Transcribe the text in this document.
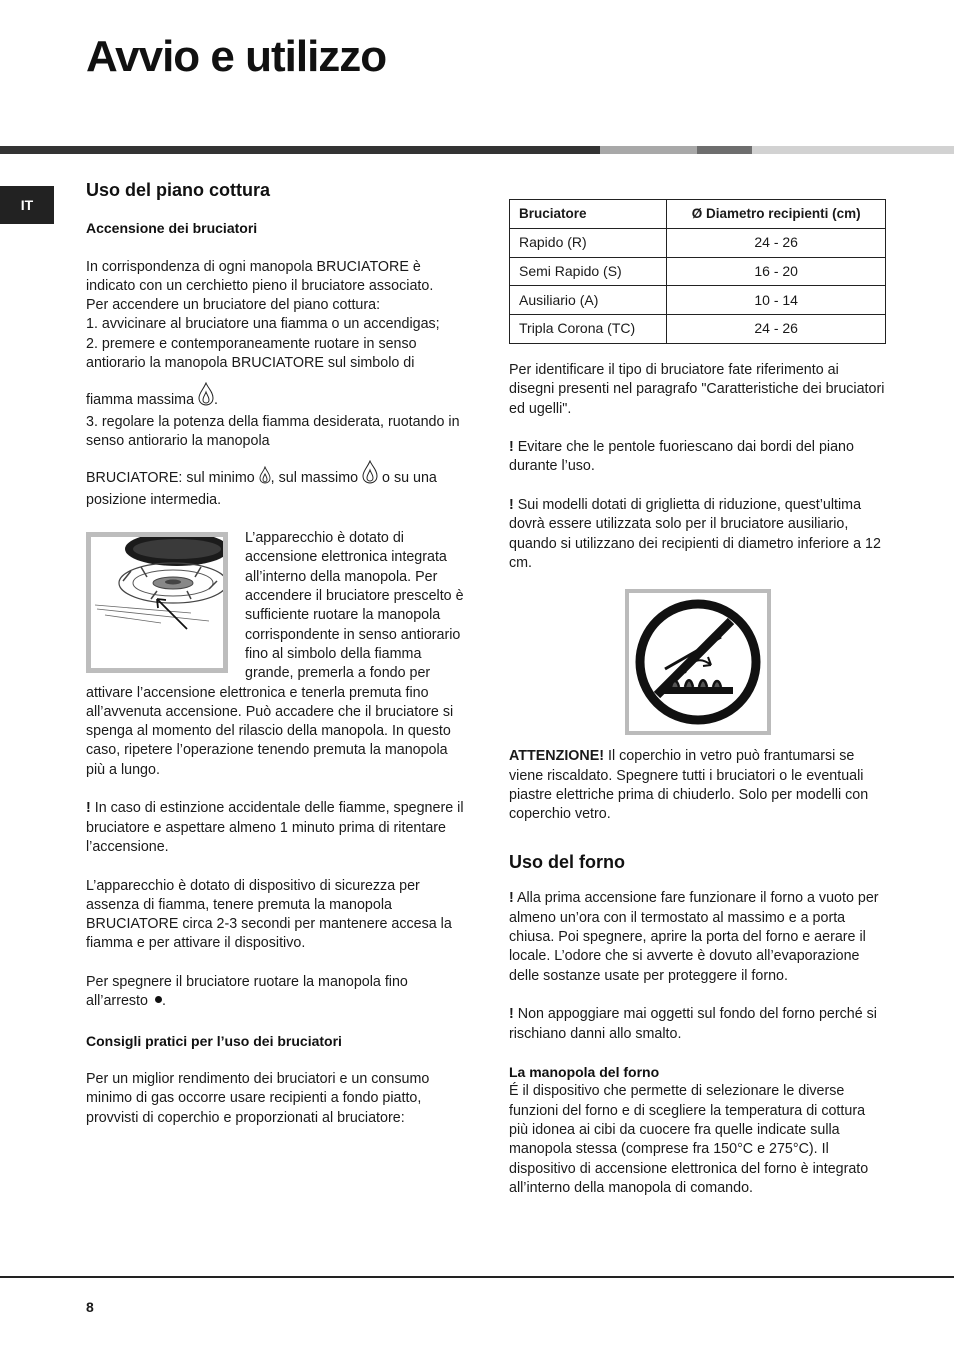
Avvio e utilizzo
IT
Uso del piano cottura
Accensione dei bruciatori

In corrispondenza di ogni manopola BRUCIATORE è indicato con un cerchietto pieno il bruciatore associato.

Per accendere un bruciatore del piano cottura:

1. avvicinare al bruciatore una fiamma o un accendigas;

2. premere e contemporaneamente ruotare in senso antiorario la manopola BRUCIATORE sul simbolo di

fiamma massima .

3. regolare la potenza della fiamma desiderata, ruotando in senso antiorario la manopola

BRUCIATORE: sul minimo , sul massimo o su una posizione intermedia.

L’apparecchio è dotato di accensione elettronica integrata all’interno della manopola. Per accendere il bruciatore prescelto è sufficiente ruotare la manopola corrispondente in senso antiorario fino al simbolo della fiamma grande, premerla a fondo per attivare l’accensione elettronica e tenerla premuta fino all’avvenuta accensione. Può accadere che il bruciatore si spenga al momento del rilascio della manopola. In questo caso, ripetere l’operazione tenendo premuta la manopola più a lungo.

! In caso di estinzione accidentale delle fiamme, spegnere il bruciatore e aspettare almeno 1 minuto prima di ritentare l’accensione.

L’apparecchio è dotato di dispositivo di sicurezza per assenza di fiamma, tenere premuta la manopola BRUCIATORE circa 2-3 secondi per mantenere accesa la fiamma e per attivare il dispositivo.

Per spegnere il bruciatore ruotare la manopola fino all’arresto .

Consigli pratici per l’uso dei bruciatori

Per un miglior rendimento dei bruciatori e un consumo minimo di gas occorre usare recipienti a fondo piatto, provvisti di coperchio e proporzionati al bruciatore:

Bruciatore	Ø Diametro recipienti (cm)
Rapido (R)	24 - 26
Semi Rapido (S)	16 - 20
Ausiliario (A)	10 - 14
Tripla Corona (TC)	24 - 26

Per identificare il tipo di bruciatore fate riferimento ai disegni presenti nel paragrafo "Caratteristiche dei bruciatori ed ugelli".

! Evitare che le pentole fuoriescano dai bordi del piano durante l’uso.

! Sui modelli dotati di griglietta di riduzione, quest’ultima dovrà essere utilizzata solo per il bruciatore ausiliario, quando si utilizzano dei recipienti di diametro inferiore a 12 cm.

ATTENZIONE! Il coperchio in vetro può frantumarsi se viene riscaldato. Spegnere tutti i bruciatori o le eventuali piastre elettriche prima di chiuderlo. Solo per modelli con coperchio vetro.

Uso del forno

! Alla prima accensione fare funzionare il forno a vuoto per almeno un’ora con il termostato al massimo e a porta chiusa. Poi spegnere, aprire la porta del forno e aerare il locale. L’odore che si avverte è dovuto all’evaporazione delle sostanze usate per proteggere il forno.

! Non appoggiare mai oggetti sul fondo del forno perché si rischiano danni allo smalto.

La manopola del forno

É il dispositivo che permette di selezionare le diverse funzioni del forno e di scegliere la temperatura di cottura più idonea ai cibi da cuocere fra quelle indicate sulla manopola stessa (comprese fra 150°C e 275°C). Il dispositivo di accensione elettronica del forno è integrato all’interno della manopola di comando.

8
